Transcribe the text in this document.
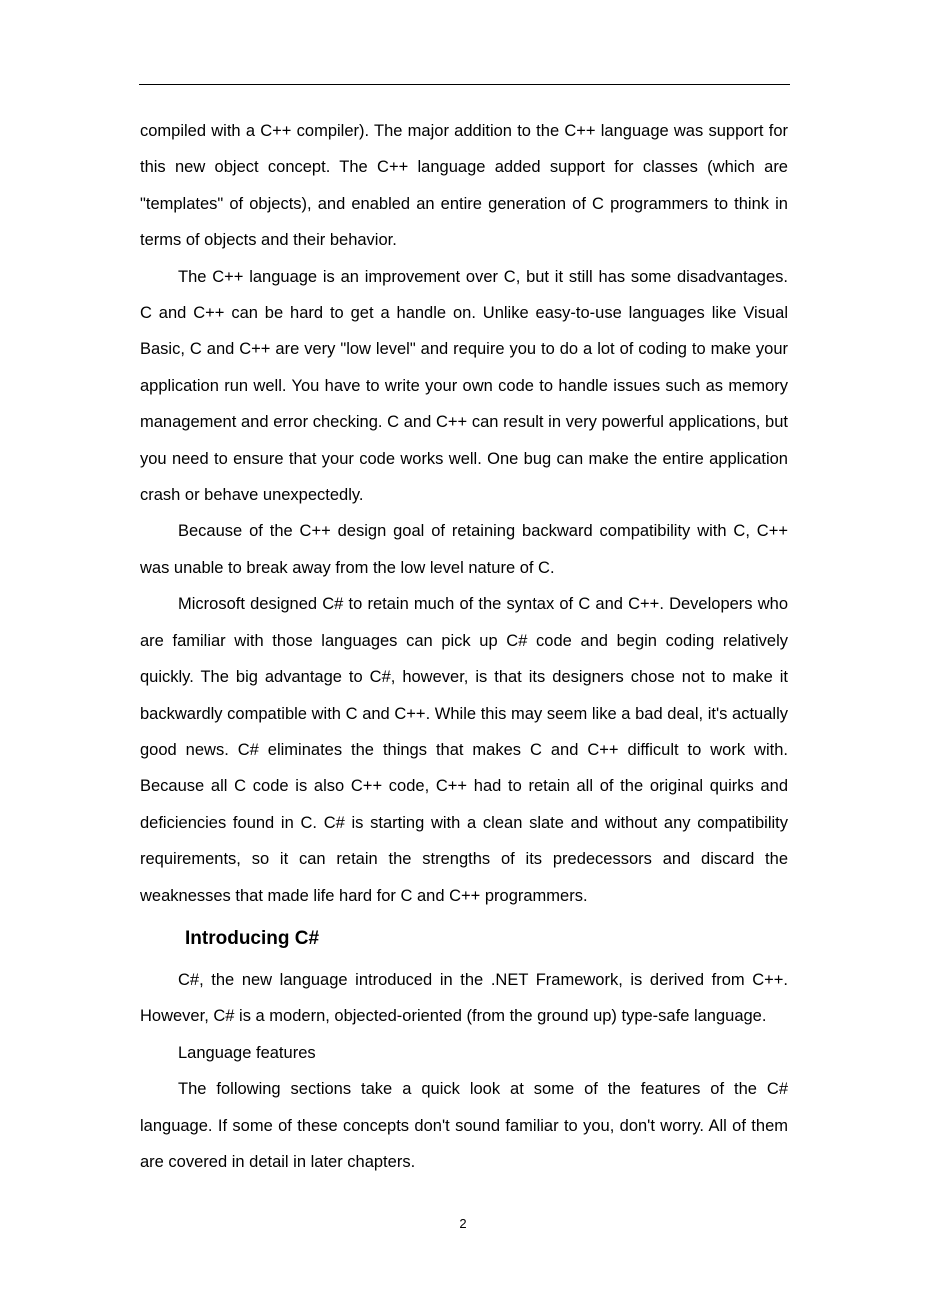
compiled with a C++ compiler). The major addition to the C++ language was support for this new object concept. The C++ language added support for classes (which are "templates" of objects), and enabled an entire generation of C programmers to think in terms of objects and their behavior.

The C++ language is an improvement over C, but it still has some disadvantages. C and C++ can be hard to get a handle on. Unlike easy-to-use languages like Visual Basic, C and C++ are very "low level" and require you to do a lot of coding to make your application run well. You have to write your own code to handle issues such as memory management and error checking. C and C++ can result in very powerful applications, but you need to ensure that your code works well. One bug can make the entire application crash or behave unexpectedly.

Because of the C++ design goal of retaining backward compatibility with C, C++ was unable to break away from the low level nature of C.

Microsoft designed C# to retain much of the syntax of C and C++. Developers who are familiar with those languages can pick up C# code and begin coding relatively quickly. The big advantage to C#, however, is that its designers chose not to make it backwardly compatible with C and C++. While this may seem like a bad deal, it's actually good news. C# eliminates the things that makes C and C++ difficult to work with. Because all C code is also C++ code, C++ had to retain all of the original quirks and deficiencies found in C. C# is starting with a clean slate and without any compatibility requirements, so it can retain the strengths of its predecessors and discard the weaknesses that made life hard for C and C++ programmers.

Introducing C#

C#, the new language introduced in the .NET Framework, is derived from C++. However, C# is a modern, objected-oriented (from the ground up) type-safe language.

Language features

The following sections take a quick look at some of the features of the C# language. If some of these concepts don't sound familiar to you, don't worry. All of them are covered in detail in later chapters.

2
